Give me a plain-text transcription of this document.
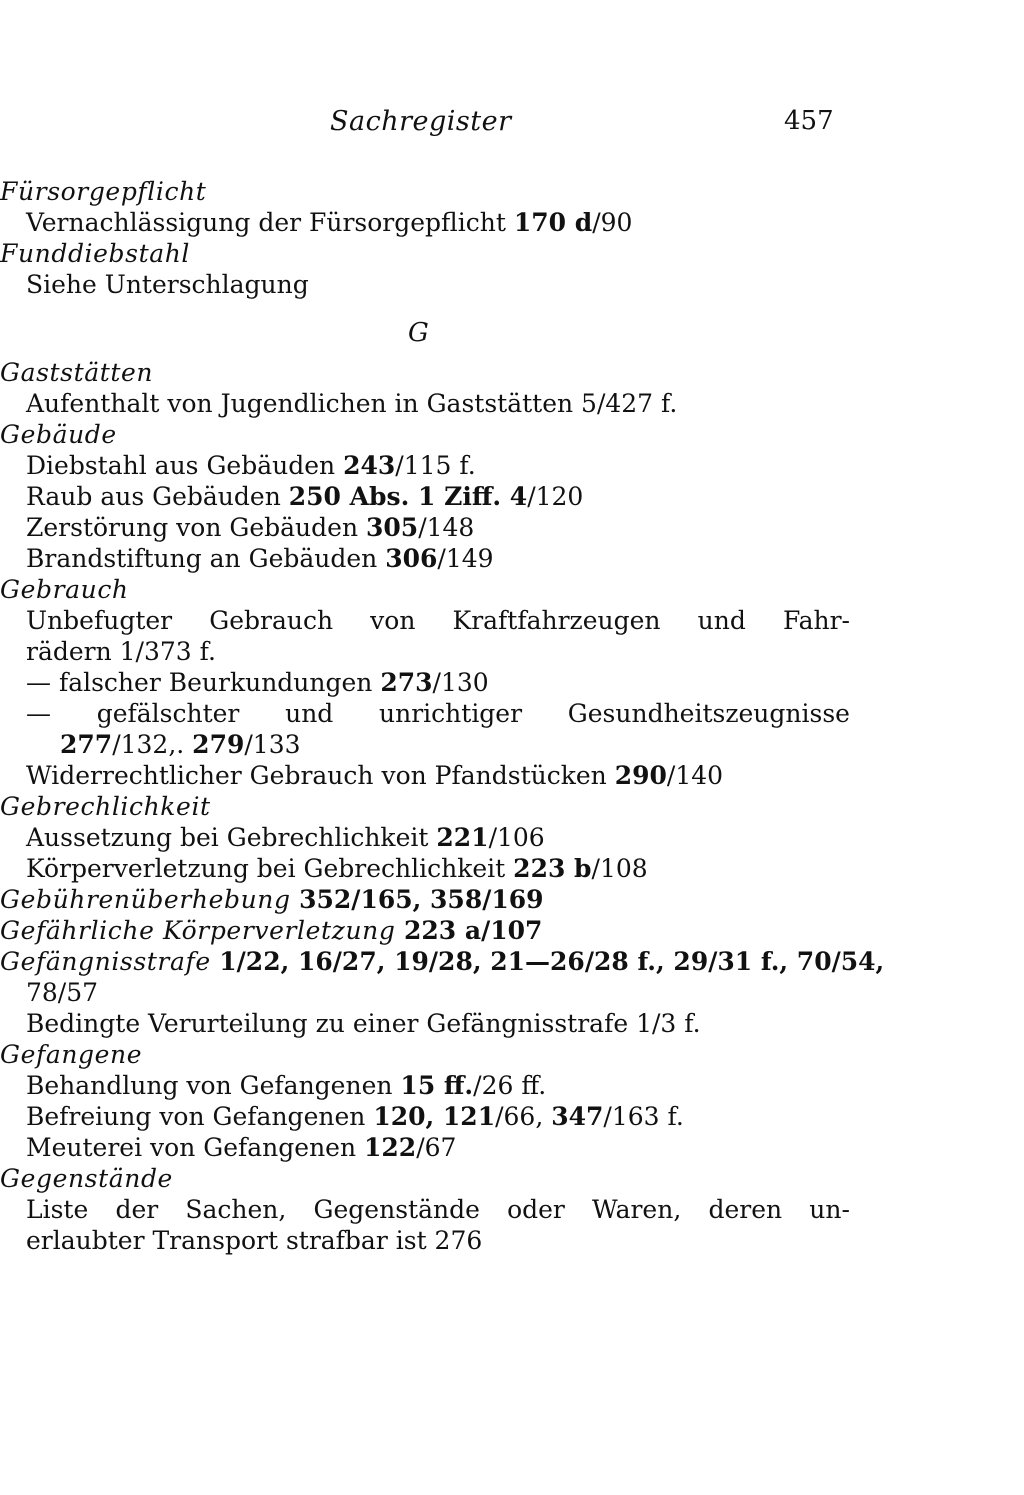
Sachregister	457
Fürsorgepflicht
Vernachlässigung der Fürsorgepflicht 170 d/90
Funddiebstahl
Siehe Unterschlagung
G
Gaststätten
Aufenthalt von Jugendlichen in Gaststätten 5/427 f.
Gebäude
Diebstahl aus Gebäuden 243/115 f.
Raub aus Gebäuden 250 Abs. 1 Ziff. 4/120
Zerstörung von Gebäuden 305/148
Brandstiftung an Gebäuden 306/149
Gebrauch
Unbefugter Gebrauch von Kraftfahrzeugen und Fahr-
rädern 1/373 f.
— falscher Beurkundungen 273/130
— gefälschter und unrichtiger Gesundheitszeugnisse
277/132,. 279/133
Widerrechtlicher Gebrauch von Pfandstücken 290/140
Gebrechlichkeit
Aussetzung bei Gebrechlichkeit 221/106
Körperverletzung bei Gebrechlichkeit 223 b/108
Gebührenüberhebung 352/165, 358/169
Gefährliche Körperverletzung 223 a/107
Gefängnisstrafe 1/22, 16/27, 19/28, 21—26/28 f., 29/31 f., 70/54,
78/57
Bedingte Verurteilung zu einer Gefängnisstrafe 1/3 f.
Gefangene
Behandlung von Gefangenen 15 ff./26 ff.
Befreiung von Gefangenen 120, 121/66, 347/163 f.
Meuterei von Gefangenen 122/67
Gegenstände
Liste der Sachen, Gegenstände oder Waren, deren un-
erlaubter Transport strafbar ist 276
